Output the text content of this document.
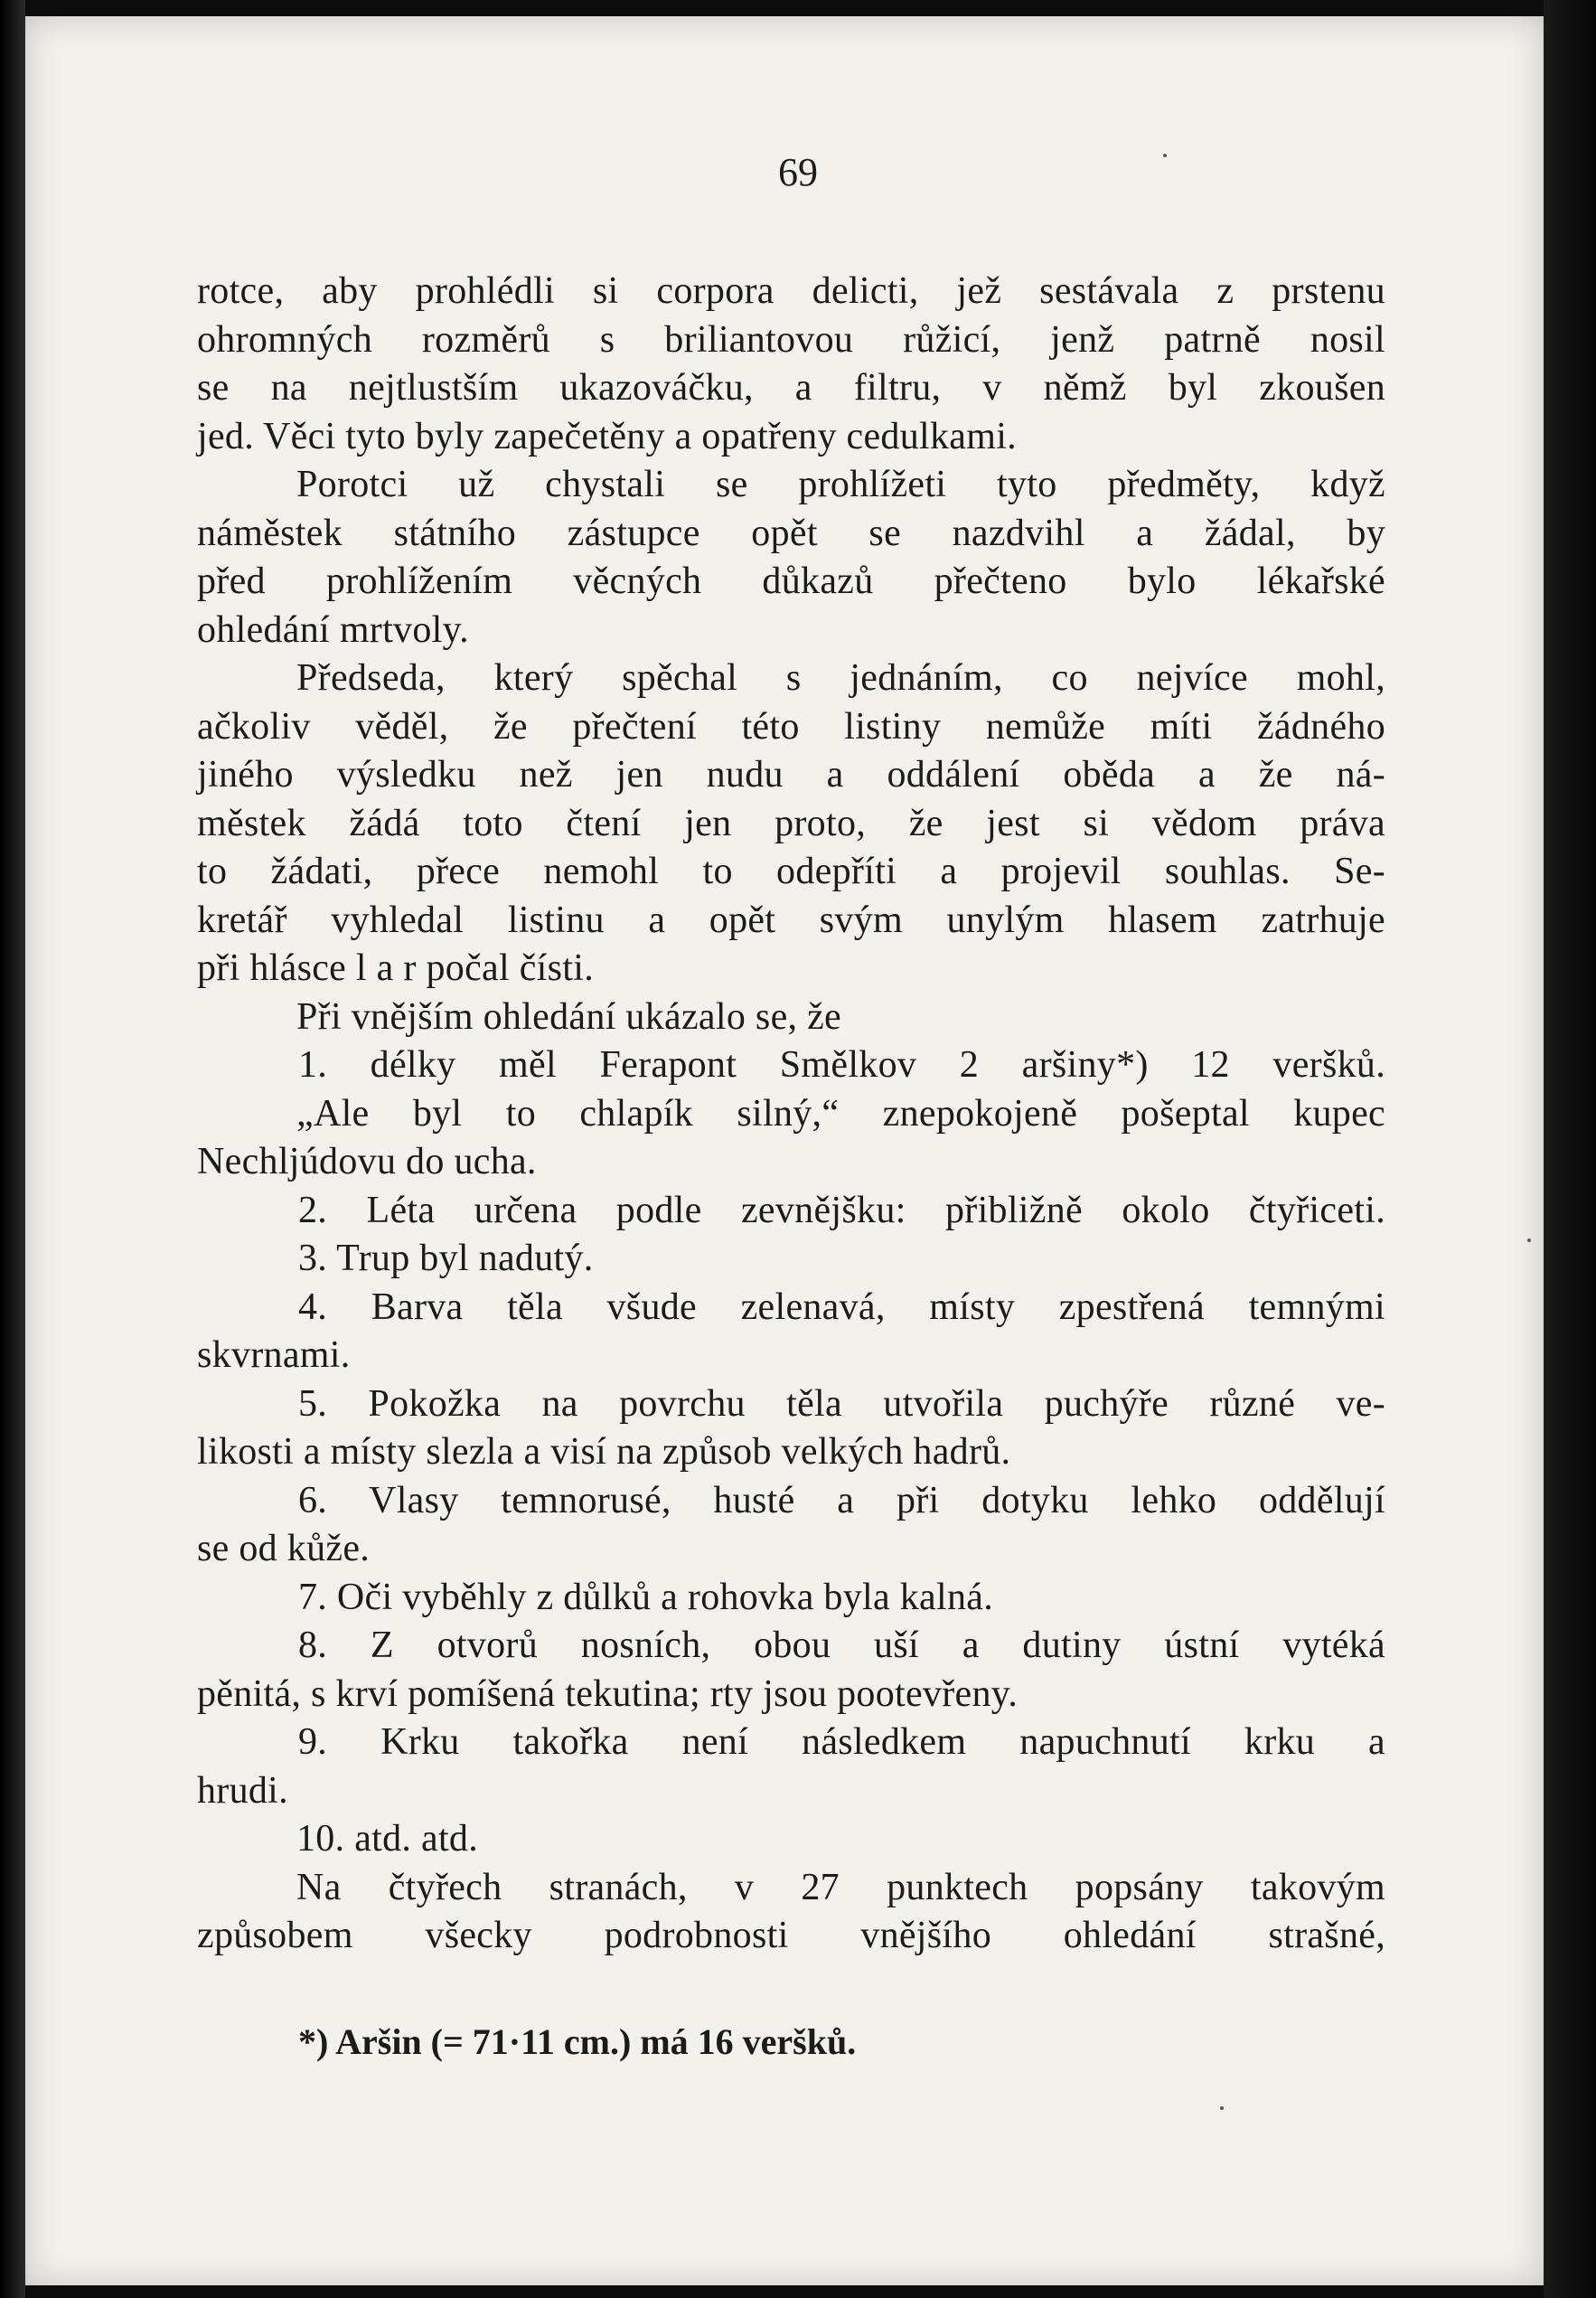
69
rotce, aby prohlédli si corpora delicti, jež sestávala z prstenu
ohromných rozměrů s briliantovou růžicí, jenž patrně nosil
se na nejtlustším ukazováčku, a filtru, v němž byl zkoušen
jed. Věci tyto byly zapečetěny a opatřeny cedulkami.
Porotci už chystali se prohlížeti tyto předměty, když
náměstek státního zástupce opět se nazdvihl a žádal, by
před prohlížením věcných důkazů přečteno bylo lékařské
ohledání mrtvoly.
Předseda, který spěchal s jednáním, co nejvíce mohl,
ačkoliv věděl, že přečtení této listiny nemůže míti žádného
jiného výsledku než jen nudu a oddálení oběda a že ná-
městek žádá toto čtení jen proto, že jest si vědom práva
to žádati, přece nemohl to odepříti a projevil souhlas. Se-
kretář vyhledal listinu a opět svým unylým hlasem zatrhuje
při hlásce l a r počal čísti.
Při vnějším ohledání ukázalo se, že
1. délky měl Ferapont Smělkov 2 aršiny*) 12 veršků.
„Ale byl to chlapík silný,“ znepokojeně pošeptal kupec
Nechljúdovu do ucha.
2. Léta určena podle zevnějšku: přibližně okolo čtyřiceti.
3. Trup byl nadutý.
4. Barva těla všude zelenavá, místy zpestřená temnými
skvrnami.
5. Pokožka na povrchu těla utvořila puchýře různé ve-
likosti a místy slezla a visí na způsob velkých hadrů.
6. Vlasy temnorusé, husté a při dotyku lehko oddělují
se od kůže.
7. Oči vyběhly z důlků a rohovka byla kalná.
8. Z otvorů nosních, obou uší a dutiny ústní vytéká
pěnitá, s krví pomíšená tekutina; rty jsou pootevřeny.
9. Krku takořka není následkem napuchnutí krku a
hrudi.
10. atd. atd.
Na čtyřech stranách, v 27 punktech popsány takovým
způsobem všecky podrobnosti vnějšího ohledání strašné,
*) Aršin (= 71·11 cm.) má 16 veršků.
